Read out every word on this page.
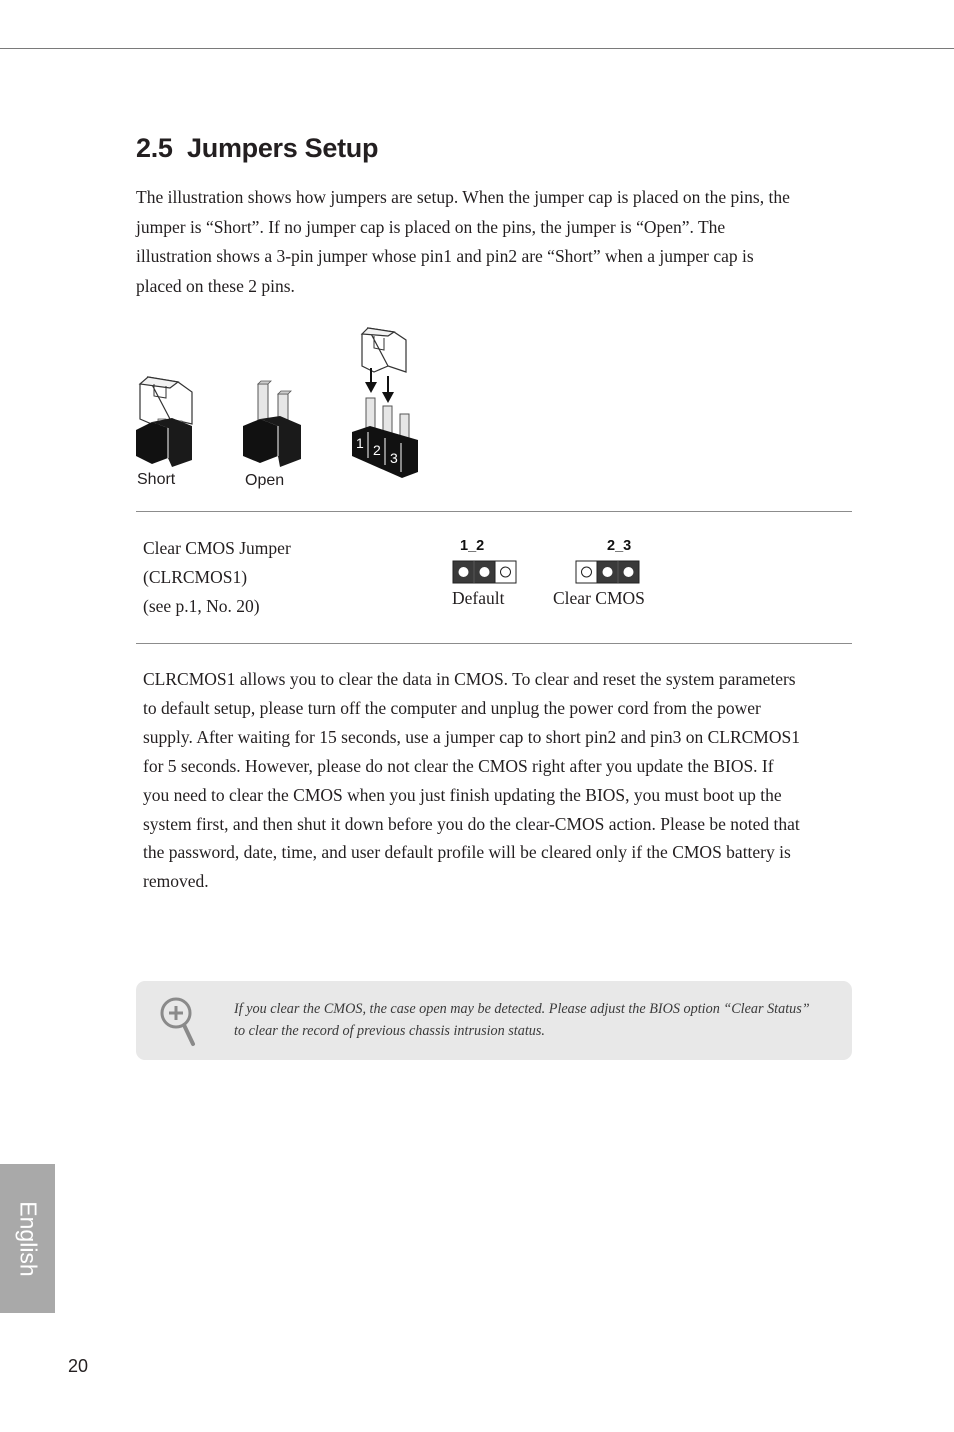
2.5  Jumpers Setup

The illustration shows how jumpers are setup. When the jumper cap is placed on the pins, the jumper is “Short”. If no jumper cap is placed on the pins, the jumper is “Open”. The illustration shows a 3-pin jumper whose pin1 and pin2 are “Short” when a jumper cap is placed on these 2 pins.

1 2 3
Short	Open
Clear CMOS Jumper
(CLRCMOS1)
(see p.1, No. 20)
1_2
Default
2_3
Clear CMOS

CLRCMOS1 allows you to clear the data in CMOS. To clear and reset the system parameters to default setup, please turn off the computer and unplug the power cord from the power supply. After waiting for 15 seconds, use a jumper cap to short pin2 and pin3 on CLRCMOS1 for 5 seconds. However, please do not clear the CMOS right after you update the BIOS. If you need to clear the CMOS when you just finish updating the BIOS, you must boot up the system first, and then shut it down before you do the clear-CMOS action. Please be noted that the password, date, time, and user default profile will be cleared only if the CMOS battery is removed.

If you clear the CMOS, the case open may be detected. Please adjust the BIOS option “Clear Status” to clear the record of previous chassis intrusion status.

English
20
